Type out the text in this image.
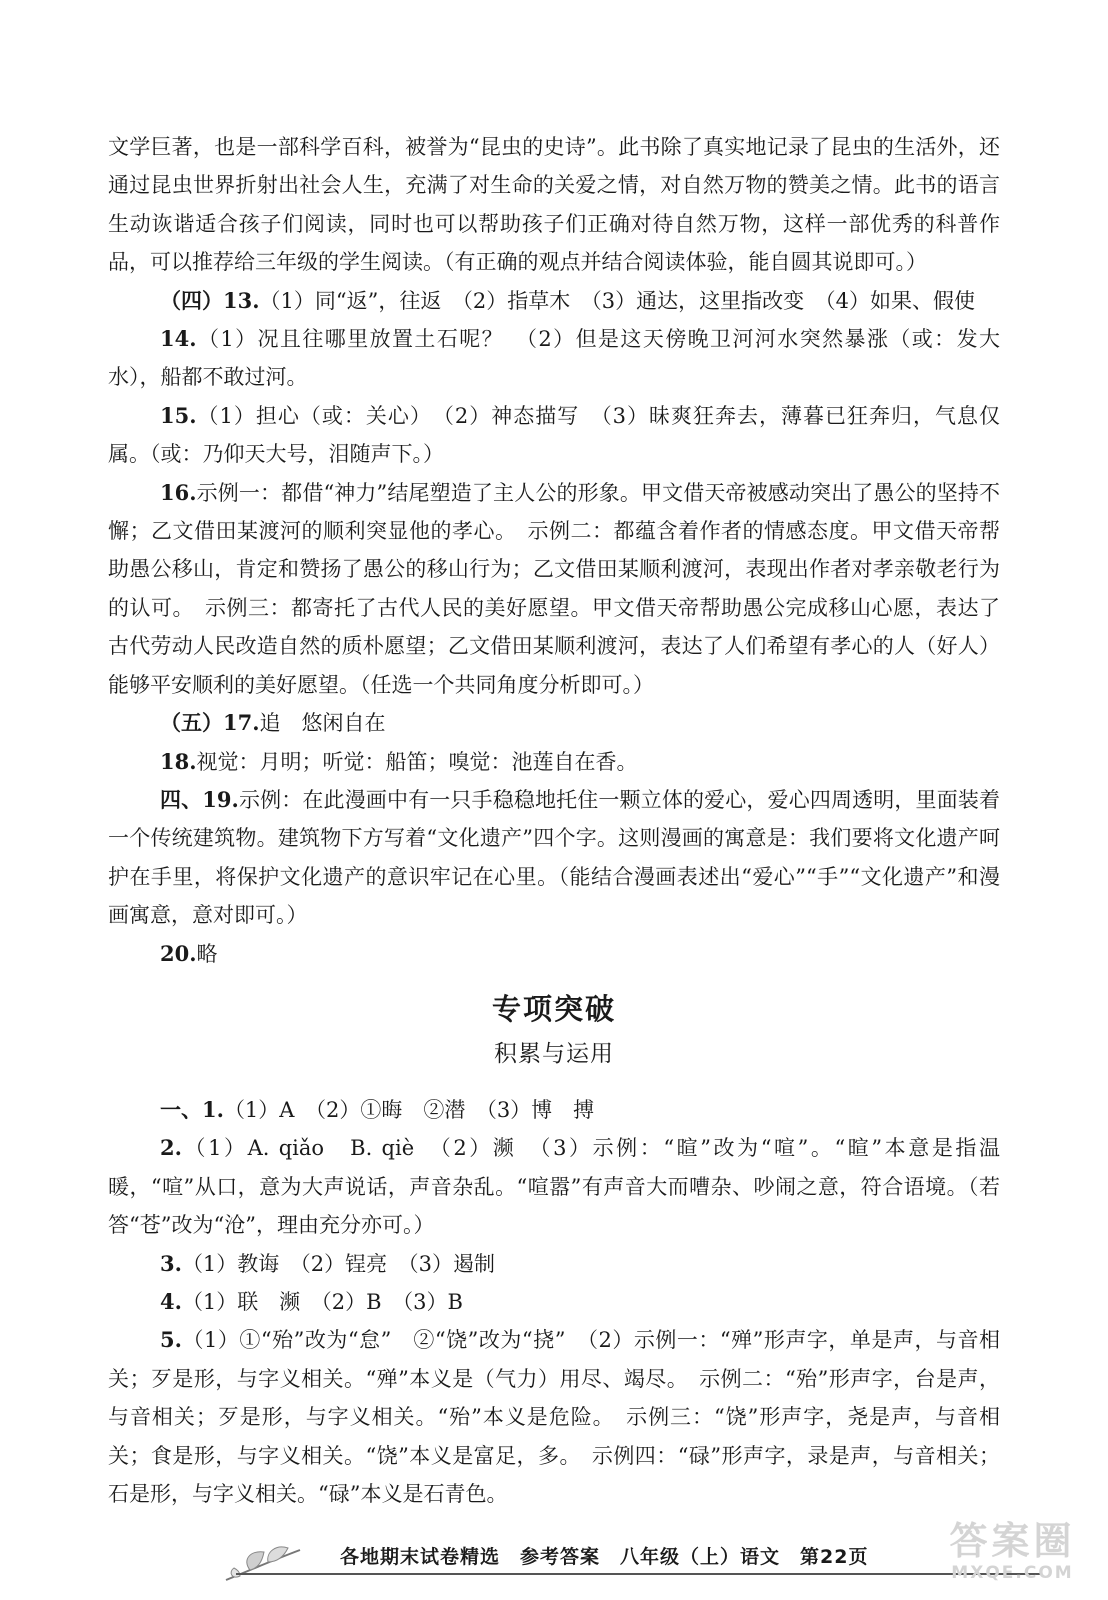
文学巨著，也是一部科学百科，被誉为“昆虫的史诗”。此书除了真实地记录了昆虫的生活外，还通过昆虫世界折射出社会人生，充满了对生命的关爱之情，对自然万物的赞美之情。此书的语言生动诙谐适合孩子们阅读，同时也可以帮助孩子们正确对待自然万物，这样一部优秀的科普作品，可以推荐给三年级的学生阅读。（有正确的观点并结合阅读体验，能自圆其说即可。）

（四）13.（1）同“返”，往返　（2）指草木　（3）通达，这里指改变　（4）如果、假使

14.（1）况且往哪里放置土石呢？　（2）但是这天傍晚卫河河水突然暴涨（或：发大水），船都不敢过河。

15.（1）担心（或：关心）　（2）神态描写　（3）昧爽狂奔去，薄暮已狂奔归，气息仅属。（或：乃仰天大号，泪随声下。）

16.示例一：都借“神力”结尾塑造了主人公的形象。甲文借天帝被感动突出了愚公的坚持不懈；乙文借田某渡河的顺利突显他的孝心。　示例二：都蕴含着作者的情感态度。甲文借天帝帮助愚公移山，肯定和赞扬了愚公的移山行为；乙文借田某顺利渡河，表现出作者对孝亲敬老行为的认可。　示例三：都寄托了古代人民的美好愿望。甲文借天帝帮助愚公完成移山心愿，表达了古代劳动人民改造自然的质朴愿望；乙文借田某顺利渡河，表达了人们希望有孝心的人（好人）能够平安顺利的美好愿望。（任选一个共同角度分析即可。）

（五）17.追　悠闲自在

18.视觉：月明；听觉：船笛；嗅觉：池莲自在香。

四、19.示例：在此漫画中有一只手稳稳地托住一颗立体的爱心，爱心四周透明，里面装着一个传统建筑物。建筑物下方写着“文化遗产”四个字。这则漫画的寓意是：我们要将文化遗产呵护在手里，将保护文化遗产的意识牢记在心里。（能结合漫画表述出“爱心”“手”“文化遗产”和漫画寓意，意对即可。）

20.略

专项突破
积累与运用

一、1.（1）A　（2）①晦　②潜　（3）博　搏

2.（1）A. qiǎo　B. qiè　（2）濒　（3）示例：“暄”改为“喧”。“暄”本意是指温暖，“喧”从口，意为大声说话，声音杂乱。“喧嚣”有声音大而嘈杂、吵闹之意，符合语境。（若答“苍”改为“沧”，理由充分亦可。）

3.（1）教诲　（2）锃亮　（3）遏制

4.（1）联　濒　（2）B　（3）B

5.（1）①“殆”改为“怠”　②“饶”改为“挠”　（2）示例一：“殚”形声字，单是声，与音相关；歹是形，与字义相关。“殚”本义是（气力）用尽、竭尽。　示例二：“殆”形声字，台是声，与音相关；歹是形，与字义相关。“殆”本义是危险。　示例三：“饶”形声字，尧是声，与音相关；食是形，与字义相关。“饶”本义是富足，多。　示例四：“碌”形声字，录是声，与音相关；石是形，与字义相关。“碌”本义是石青色。

各地期末试卷精选 参考答案 八年级（上）语文 第22页	答案圈
MXQE.COM
